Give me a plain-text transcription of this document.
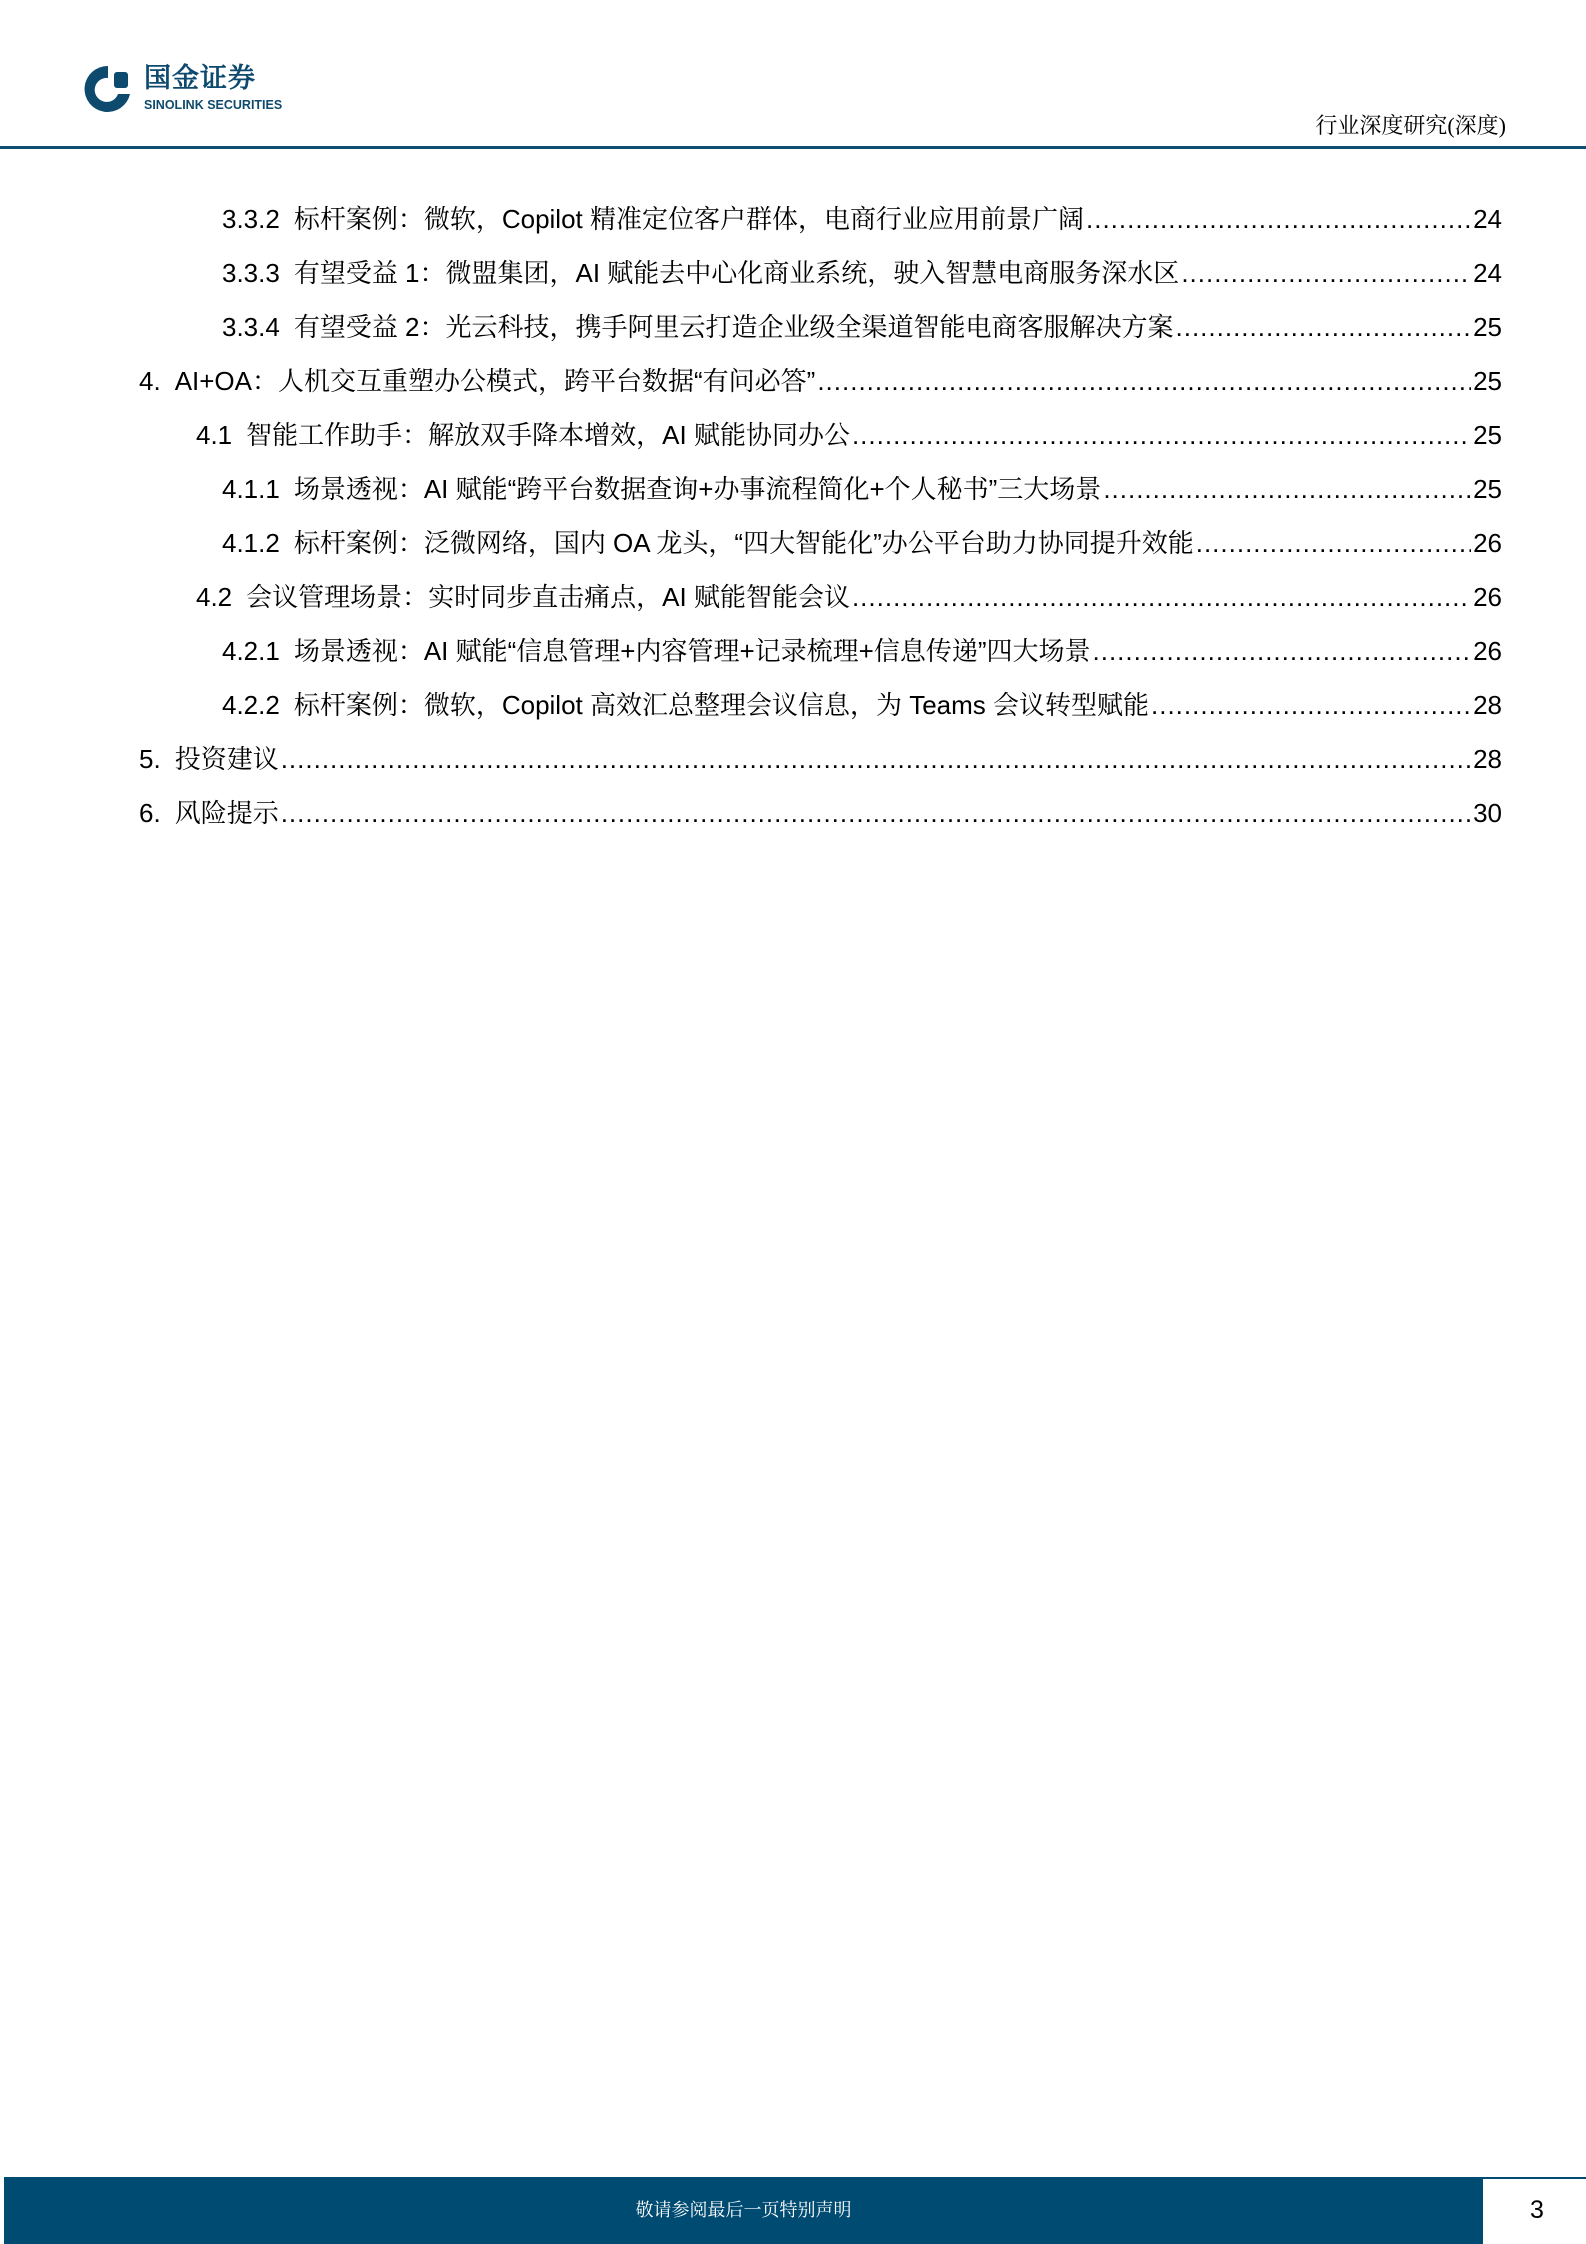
国金证券
SINOLINK SECURITIES
行业深度研究(深度)
3.3.2 标杆案例：微软，Copilot 精准定位客户群体，电商行业应用前景广阔 .....	24
3.3.3 有望受益 1：微盟集团，AI 赋能去中心化商业系统，驶入智慧电商服务深水区 .....	24
3.3.4 有望受益 2：光云科技，携手阿里云打造企业级全渠道智能电商客服解决方案 .....	25
4. AI+OA：人机交互重塑办公模式，跨平台数据“有问必答” .....	25
4.1 智能工作助手：解放双手降本增效，AI 赋能协同办公 .....	25
4.1.1 场景透视：AI 赋能“跨平台数据查询+办事流程简化+个人秘书”三大场景 .....	25
4.1.2 标杆案例：泛微网络，国内 OA 龙头，“四大智能化”办公平台助力协同提升效能 .....	26
4.2 会议管理场景：实时同步直击痛点，AI 赋能智能会议 .....	26
4.2.1 场景透视：AI 赋能“信息管理+内容管理+记录梳理+信息传递”四大场景 .....	26
4.2.2 标杆案例：微软，Copilot 高效汇总整理会议信息，为 Teams 会议转型赋能 .....	28
5. 投资建议 .....	28
6. 风险提示 .....	30
敬请参阅最后一页特别声明	3
